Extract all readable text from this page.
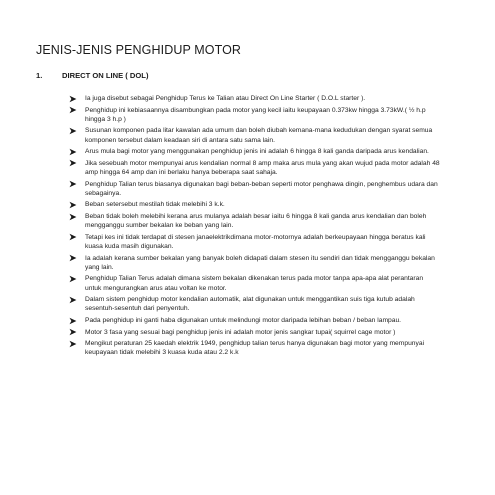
JENIS-JENIS PENGHIDUP MOTOR
1.	DIRECT ON LINE ( DOL)
Ia juga disebut sebagai Penghidup Terus ke Talian atau Direct On Line Starter ( D.O.L starter ).
Penghidup ini kebiasaannya disambungkan pada motor yang kecil iaitu keupayaan 0.373kw hingga 3.73kW.( ½ h.p hingga 3 h.p )
Susunan komponen pada litar kawalan ada umum dan boleh diubah kemana-mana kedudukan dengan syarat semua komponen tersebut dalam keadaan siri di antara satu sama lain.
Arus mula bagi motor yang menggunakan penghidup jenis ini adalah 6 hingga 8 kali ganda daripada arus kendalian.
Jika sesebuah motor mempunyai arus kendalian normal 8 amp maka arus mula yang akan wujud pada motor adalah 48 amp hingga 64 amp dan ini berlaku hanya beberapa saat sahaja.
Penghidup Talian terus biasanya digunakan bagi beban-beban seperti motor penghawa dingin, penghembus udara dan sebagainya.
Beban setersebut mestilah tidak melebihi 3 k.k.
Beban tidak boleh melebihi kerana arus mulanya adalah besar iaitu 6 hingga 8 kali ganda arus kendalian dan boleh mengganggu sumber bekalan ke beban yang lain.
Tetapi kes ini tidak terdapat di stesen janaelektrikdimana motor-motornya adalah berkeupayaan hingga beratus kali kuasa kuda masih digunakan.
Ia adalah kerana sumber bekalan yang banyak boleh didapati dalam stesen itu sendiri dan tidak mengganggu bekalan yang lain.
Penghidup Talian Terus adalah dimana sistem bekalan dikenakan terus pada motor tanpa apa-apa alat perantaran untuk mengurangkan arus atau voltan ke motor.
Dalam sistem penghidup motor kendalian automatik, alat digunakan untuk menggantikan suis tiga kutub adalah sesentuh-sesentuh dari penyentuh.
Pada penghidup ini ganti haba digunakan untuk melindungi motor daripada lebihan beban / beban lampau.
Motor 3 fasa yang sesuai bagi penghidup jenis ini adalah motor jenis sangkar tupai( squirrel cage motor )
Mengikut peraturan 25 kaedah elektrik 1949, penghidup talian terus hanya digunakan bagi motor yang mempunyai keupayaan tidak melebihi 3 kuasa kuda atau 2.2 k.k
